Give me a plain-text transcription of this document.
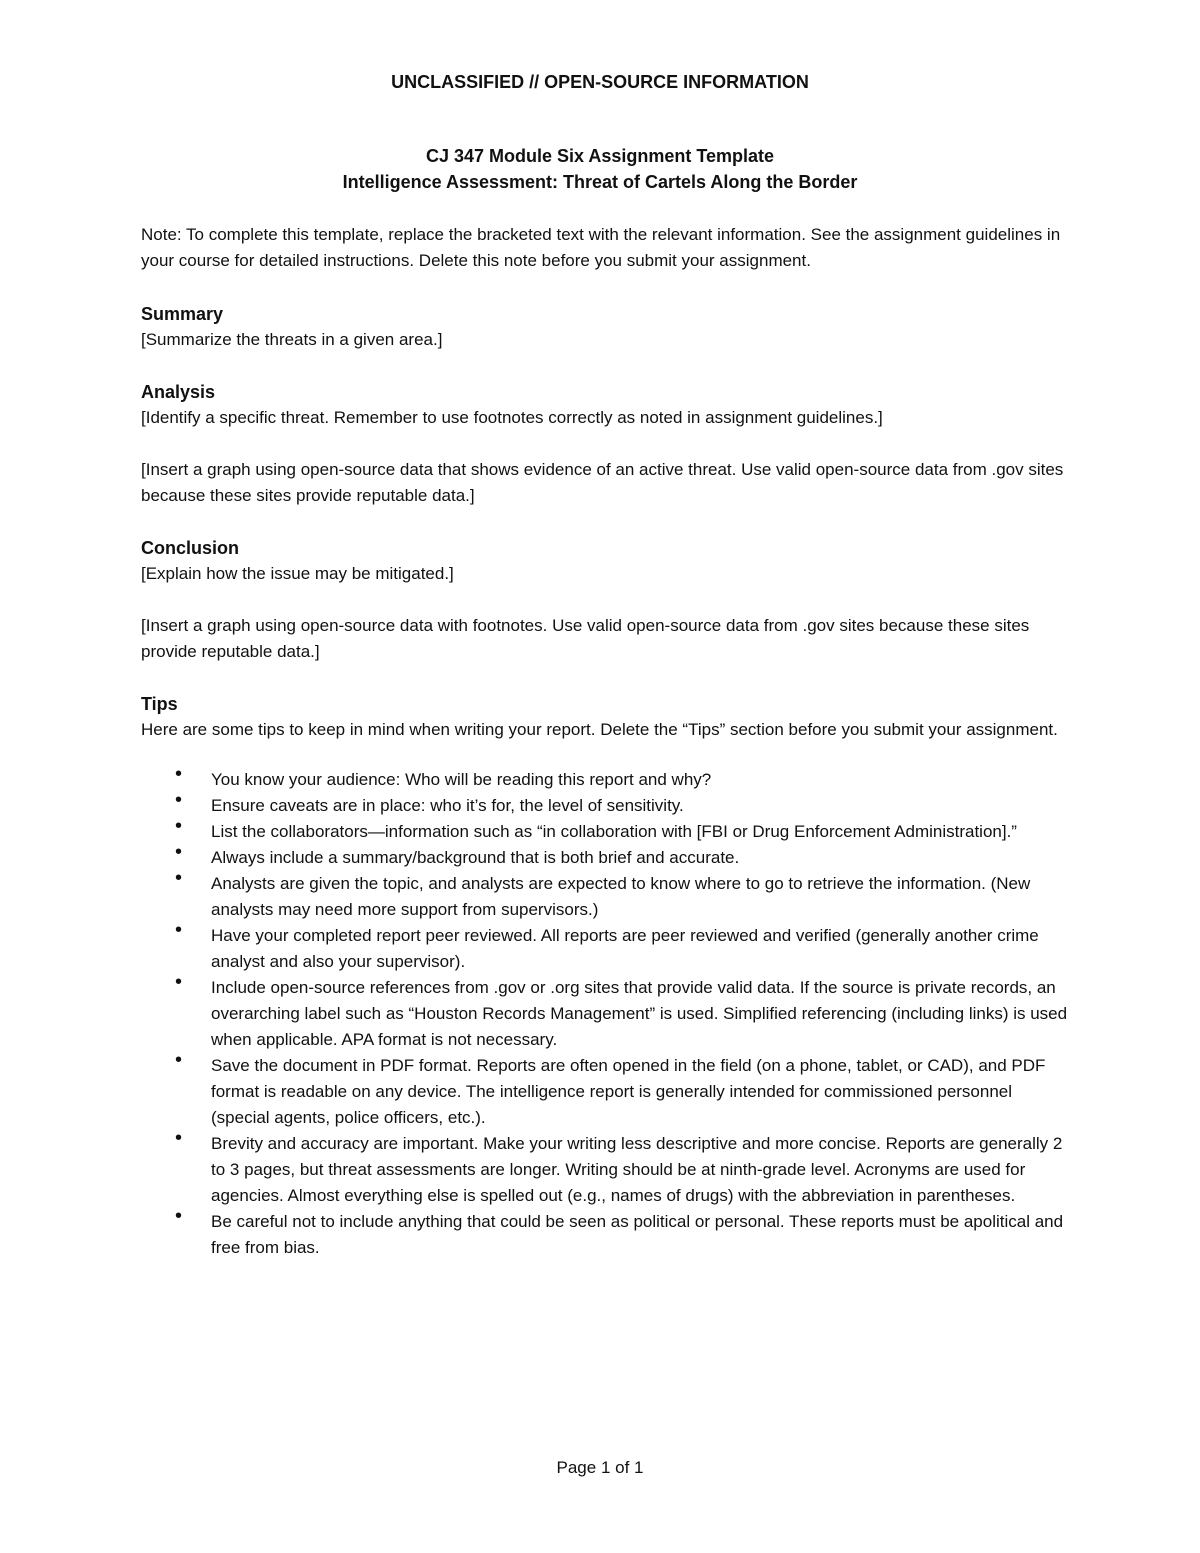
UNCLASSIFIED // OPEN-SOURCE INFORMATION
CJ 347 Module Six Assignment Template
Intelligence Assessment: Threat of Cartels Along the Border

Note: To complete this template, replace the bracketed text with the relevant information. See the assignment guidelines in your course for detailed instructions. Delete this note before you submit your assignment.

Summary

[Summarize the threats in a given area.]

Analysis

[Identify a specific threat. Remember to use footnotes correctly as noted in assignment guidelines.]

[Insert a graph using open-source data that shows evidence of an active threat. Use valid open-source data from .gov sites because these sites provide reputable data.]

Conclusion

[Explain how the issue may be mitigated.]

[Insert a graph using open-source data with footnotes. Use valid open-source data from .gov sites because these sites provide reputable data.]

Tips

Here are some tips to keep in mind when writing your report. Delete the “Tips” section before you submit your assignment.

• You know your audience: Who will be reading this report and why?
• Ensure caveats are in place: who it’s for, the level of sensitivity.
• List the collaborators—information such as “in collaboration with [FBI or Drug Enforcement Administration].”
• Always include a summary/background that is both brief and accurate.
• Analysts are given the topic, and analysts are expected to know where to go to retrieve the information. (New analysts may need more support from supervisors.)
• Have your completed report peer reviewed. All reports are peer reviewed and verified (generally another crime analyst and also your supervisor).
• Include open-source references from .gov or .org sites that provide valid data. If the source is private records, an overarching label such as “Houston Records Management” is used. Simplified referencing (including links) is used when applicable. APA format is not necessary.
• Save the document in PDF format. Reports are often opened in the field (on a phone, tablet, or CAD), and PDF format is readable on any device. The intelligence report is generally intended for commissioned personnel (special agents, police officers, etc.).
• Brevity and accuracy are important. Make your writing less descriptive and more concise. Reports are generally 2 to 3 pages, but threat assessments are longer. Writing should be at ninth-grade level. Acronyms are used for agencies. Almost everything else is spelled out (e.g., names of drugs) with the abbreviation in parentheses.
• Be careful not to include anything that could be seen as political or personal. These reports must be apolitical and free from bias.
Page 1 of 1
